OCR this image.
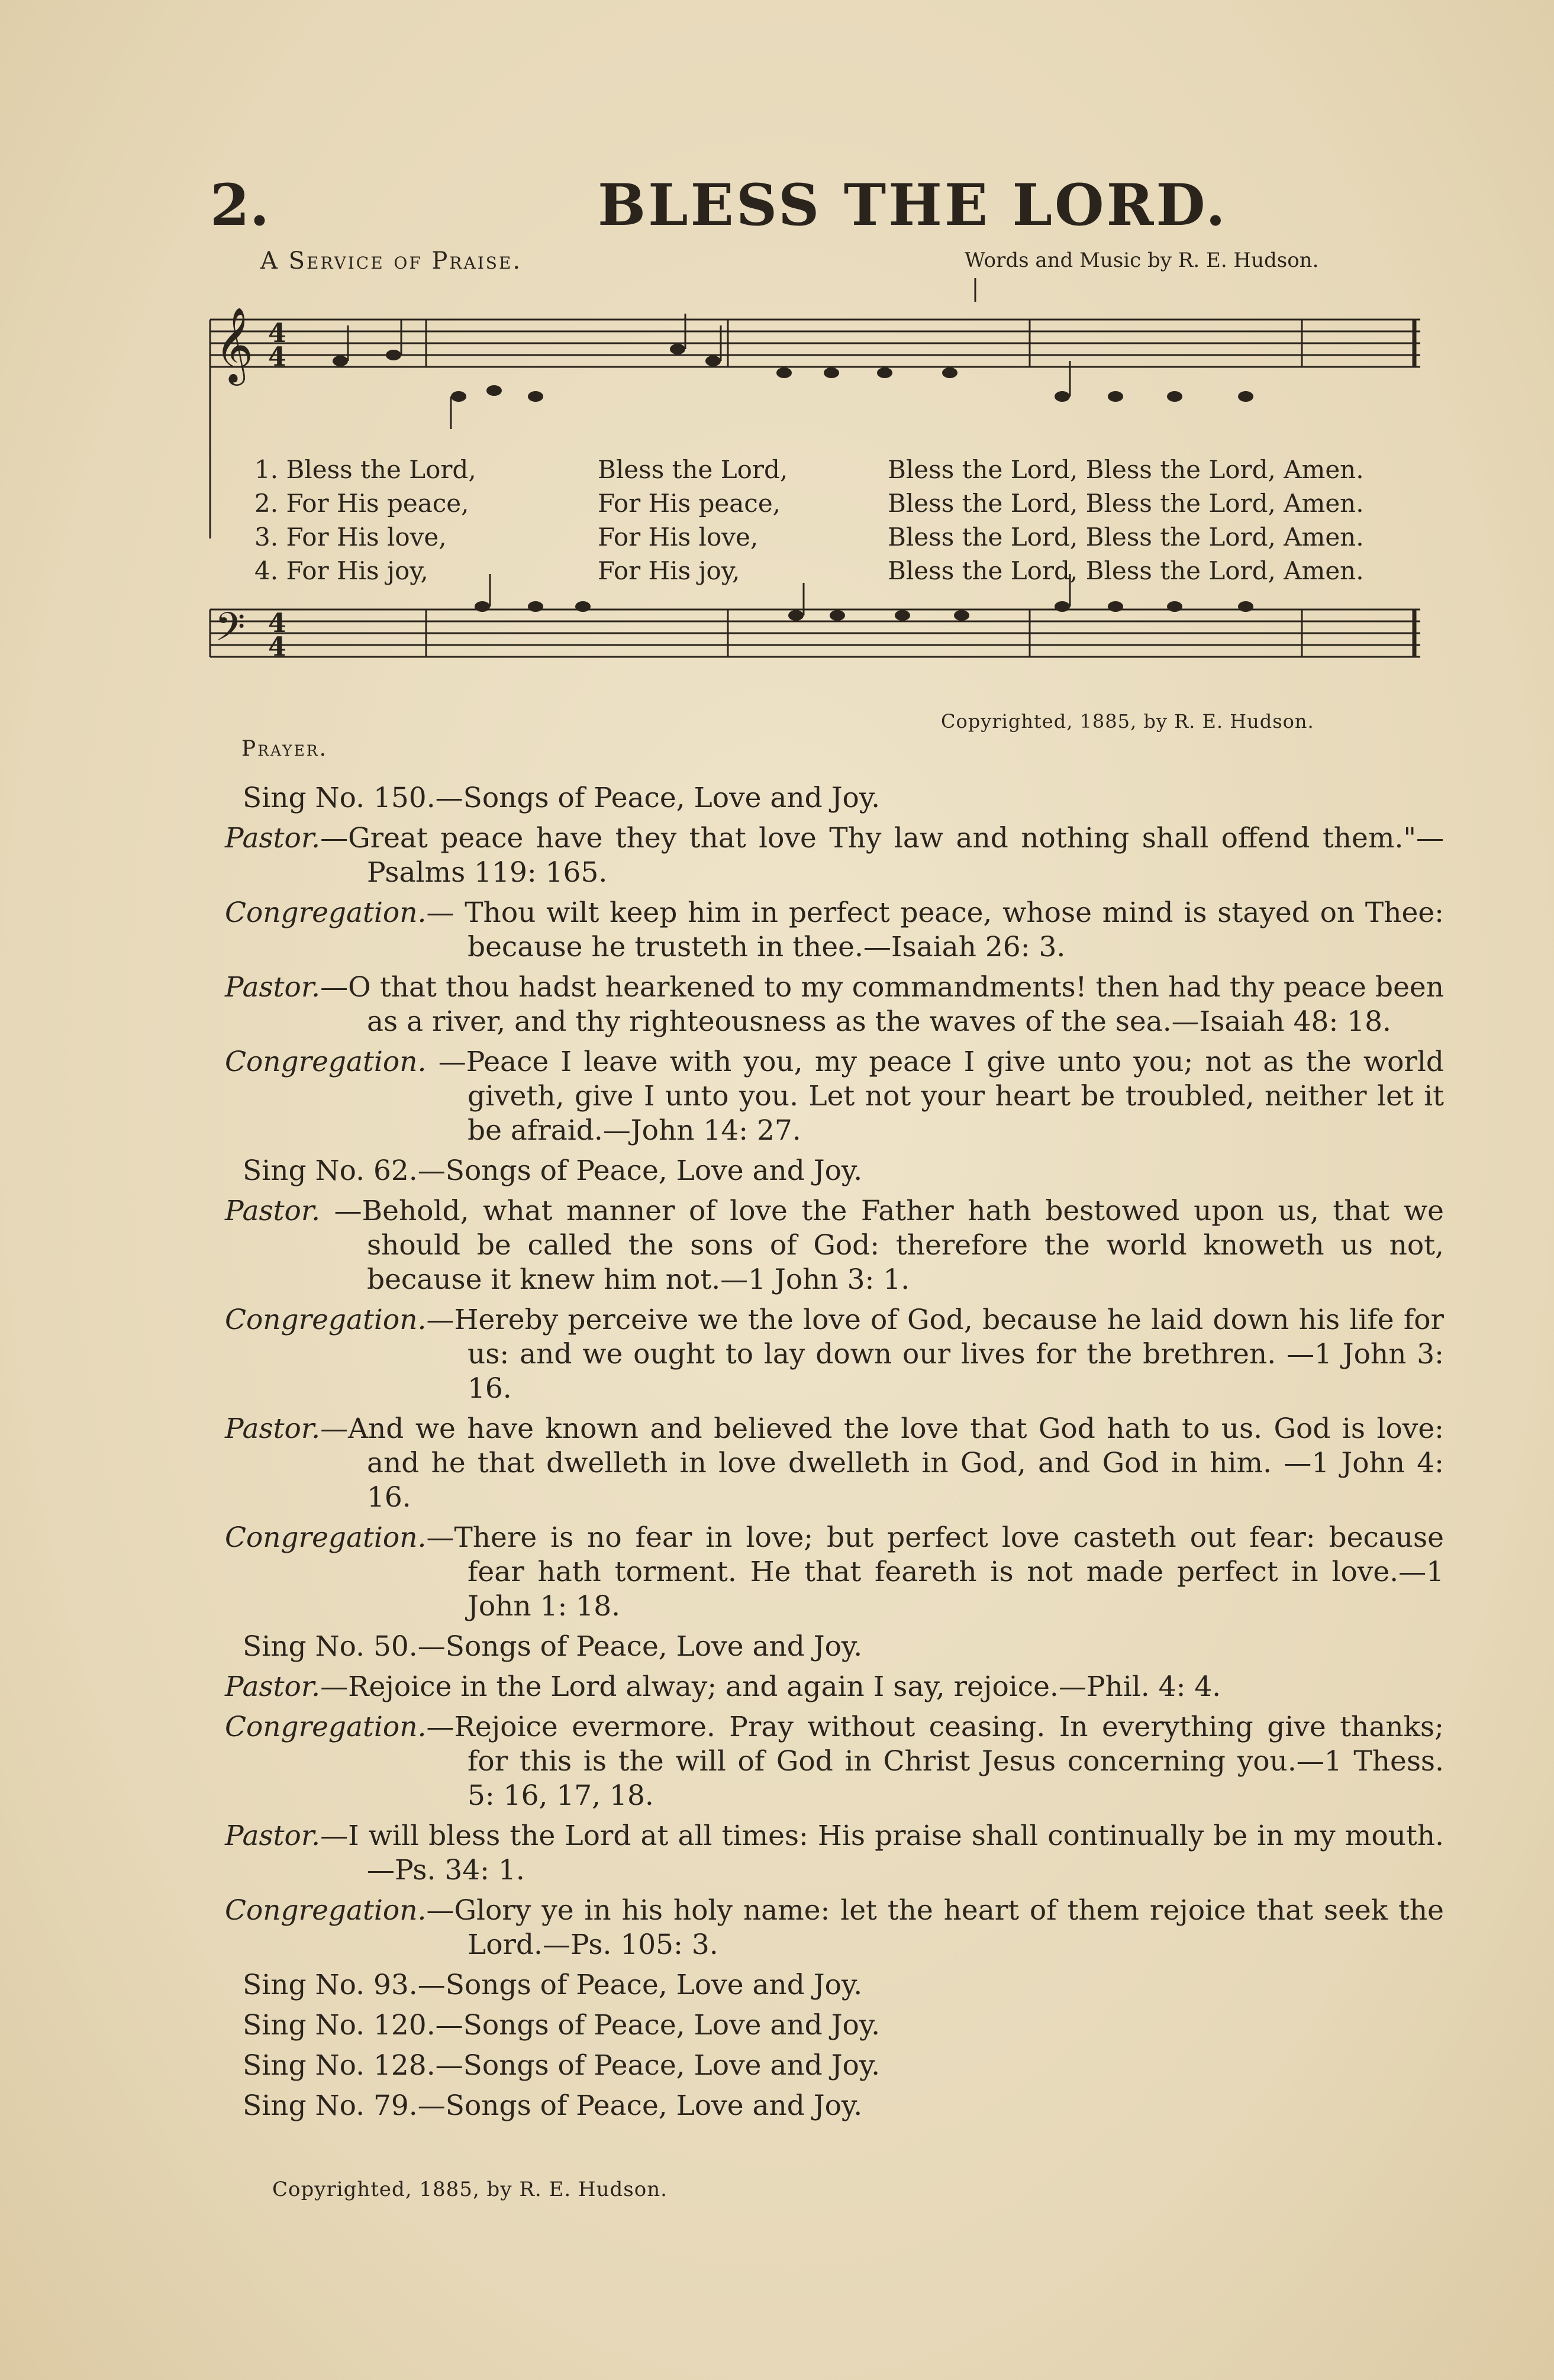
2.	BLESS THE LORD.
A Service of Praise.	Words and Music by R. E. Hudson.
𝄞 4
4
𝄢 4
4
1. Bless the Lord,	Bless the Lord,	Bless the Lord, Bless the Lord, Amen.
2. For His peace,	For His peace,	Bless the Lord, Bless the Lord, Amen.
3. For His love,	For His love,	Bless the Lord, Bless the Lord, Amen.
4. For His joy,	For His joy,	Bless the Lord, Bless the Lord, Amen.
Copyrighted, 1885, by R. E. Hudson.
Prayer.
Sing No. 150.—Songs of Peace, Love and Joy.
Pastor.—Great peace have they that love Thy law and nothing shall offend them."—Psalms 119: 165.
Congregation.— Thou wilt keep him in perfect peace, whose mind is stayed on Thee: because he trusteth in thee.—Isaiah 26: 3.
Pastor.—O that thou hadst hearkened to my commandments! then had thy peace been as a river, and thy righteousness as the waves of the sea.—Isaiah 48: 18.
Congregation. —Peace I leave with you, my peace I give unto you; not as the world giveth, give I unto you. Let not your heart be troubled, neither let it be afraid.—John 14: 27.
Sing No. 62.—Songs of Peace, Love and Joy.
Pastor. —Behold, what manner of love the Father hath bestowed upon us, that we should be called the sons of God: therefore the world knoweth us not, because it knew him not.—1 John 3: 1.
Congregation.—Hereby perceive we the love of God, because he laid down his life for us: and we ought to lay down our lives for the brethren. —1 John 3: 16.
Pastor.—And we have known and believed the love that God hath to us. God is love: and he that dwelleth in love dwelleth in God, and God in him. —1 John 4: 16.
Congregation.—There is no fear in love; but perfect love casteth out fear: because fear hath torment. He that feareth is not made perfect in love.—1 John 1: 18.
Sing No. 50.—Songs of Peace, Love and Joy.
Pastor.—Rejoice in the Lord alway; and again I say, rejoice.—Phil. 4: 4.
Congregation.—Rejoice evermore. Pray without ceasing. In everything give thanks; for this is the will of God in Christ Jesus concerning you.—1 Thess. 5: 16, 17, 18.
Pastor.—I will bless the Lord at all times: His praise shall continually be in my mouth.—Ps. 34: 1.
Congregation.—Glory ye in his holy name: let the heart of them rejoice that seek the Lord.—Ps. 105: 3.
Sing No. 93.—Songs of Peace, Love and Joy.
Sing No. 120.—Songs of Peace, Love and Joy.
Sing No. 128.—Songs of Peace, Love and Joy.
Sing No. 79.—Songs of Peace, Love and Joy.
Copyrighted, 1885, by R. E. Hudson.
